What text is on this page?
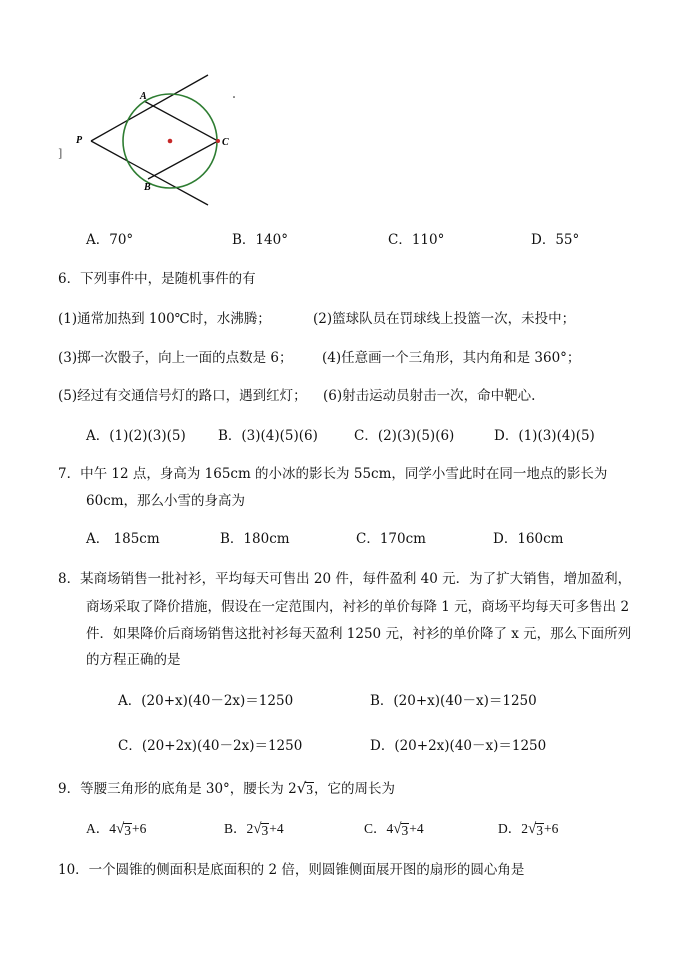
A
B
C
P
]
A．70°	B．140°	C．110°	D．55°
6．下列事件中，是随机事件的有
(1)通常加热到 100℃时，水沸腾；	(2)篮球队员在罚球线上投篮一次，未投中；
(3)掷一次骰子，向上一面的点数是 6； (4)任意画一个三角形，其内角和是 360°；
(5)经过有交通信号灯的路口，遇到红灯； (6)射击运动员射击一次，命中靶心.
A．(1)(2)(3)(5) B．(3)(4)(5)(6)	C．(2)(3)(5)(6)	D．(1)(3)(4)(5)
7．中午 12 点，身高为 165cm 的小冰的影长为 55cm，同学小雪此时在同一地点的影长为
60cm，那么小雪的身高为
A． 185cm	B．180cm	C．170cm	D．160cm
8．某商场销售一批衬衫，平均每天可售出 20 件，每件盈利 40 元．为了扩大销售，增加盈利，
商场采取了降价措施，假设在一定范围内，衬衫的单价每降 1 元，商场平均每天可多售出 2
件．如果降价后商场销售这批衬衫每天盈利 1250 元，衬衫的单价降了 x 元，那么下面所列
的方程正确的是
A．(20+x)(40－2x)＝1250	B．(20+x)(40－x)＝1250
C．(20+2x)(40－2x)＝1250	D．(20+2x)(40－x)＝1250
9．等腰三角形的底角是 30°，腰长为 2 √ 3 ，它的周长为
A．4 √ 3 +6	B．2 √ 3 +4	C．4 √ 3 +4	D．2 √ 3 +6
10．一个圆锥的侧面积是底面积的 2 倍，则圆锥侧面展开图的扇形的圆心角是
